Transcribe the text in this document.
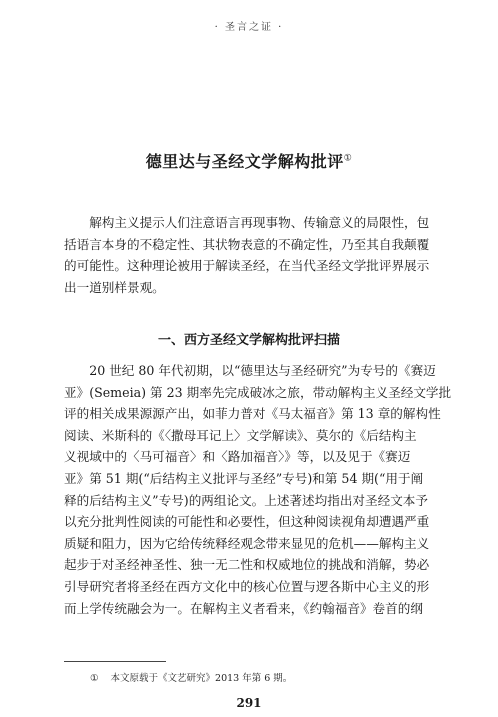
· 圣言之证 ·
德里达与圣经文学解构批评①
解构主义提示人们注意语言再现事物、传输意义的局限性，包
括语言本身的不稳定性、其状物表意的不确定性，乃至其自我颠覆
的可能性。这种理论被用于解读圣经，在当代圣经文学批评界展示
出一道别样景观。
一、西方圣经文学解构批评扫描
20 世纪 80 年代初期，以“德里达与圣经研究”为专号的《赛迈
亚》(Semeia) 第 23 期率先完成破冰之旅，带动解构主义圣经文学批
评的相关成果源源产出，如菲力普对《马太福音》第 13 章的解构性
阅读、米斯科的《〈撒母耳记上〉文学解读》、莫尔的《后结构主
义视域中的〈马可福音〉和〈路加福音〉》等，以及见于《赛迈
亚》第 51 期(“后结构主义批评与圣经”专号)和第 54 期(“用于阐
释的后结构主义”专号)的两组论文。上述著述均指出对圣经文本予
以充分批判性阅读的可能性和必要性，但这种阅读视角却遭遇严重
质疑和阻力，因为它给传统释经观念带来显见的危机——解构主义
起步于对圣经神圣性、独一无二性和权威地位的挑战和消解，势必
引导研究者将圣经在西方文化中的核心位置与逻各斯中心主义的形
而上学传统融会为一。在解构主义者看来，《约翰福音》卷首的纲
① 本文原载于《文艺研究》2013 年第 6 期。
291
